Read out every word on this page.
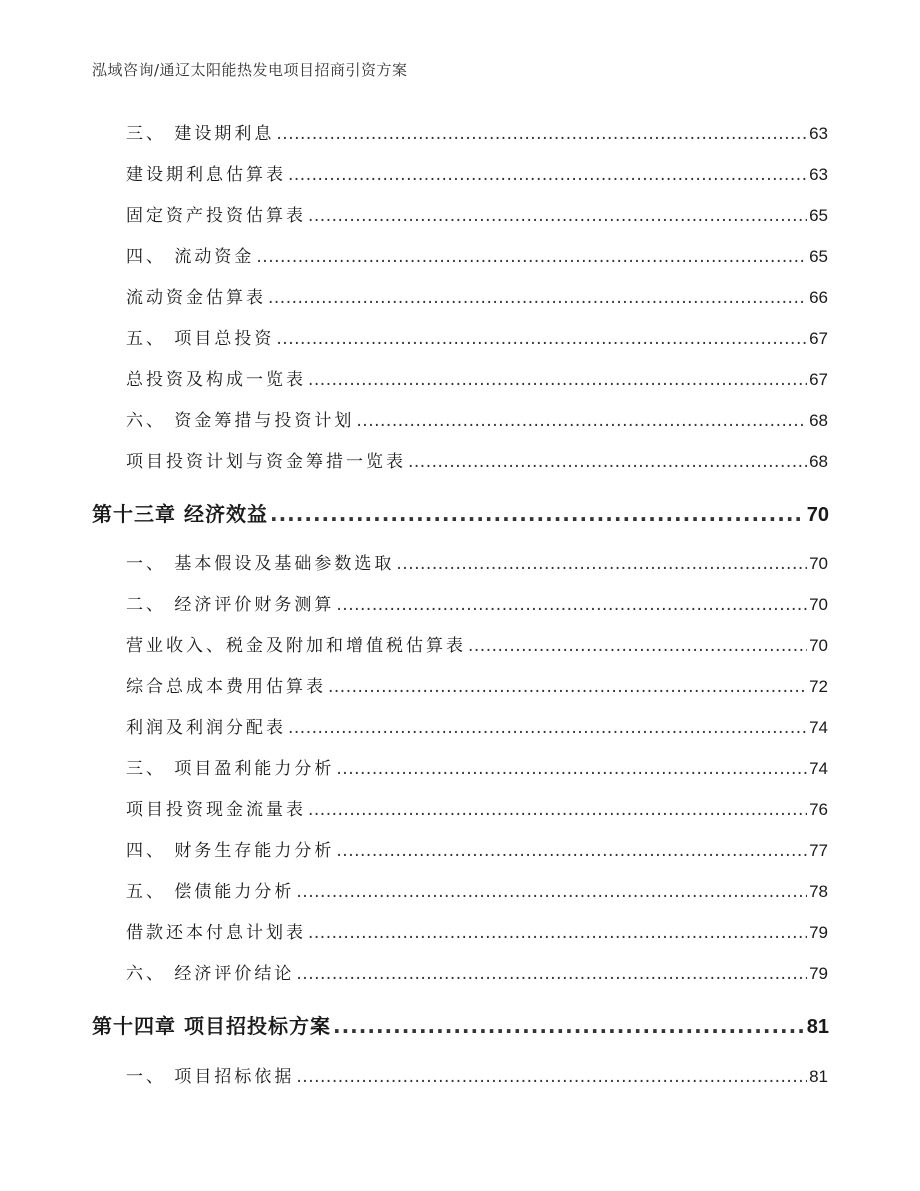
泓域咨询/通辽太阳能热发电项目招商引资方案
三、 建设期利息 .....	63
建设期利息估算表 .....	63
固定资产投资估算表 .....	65
四、 流动资金 .....	65
流动资金估算表 .....	66
五、 项目总投资 .....	67
总投资及构成一览表 .....	67
六、 资金筹措与投资计划 .....	68
项目投资计划与资金筹措一览表 .....	68
第十三章 经济效益 .....	70
一、 基本假设及基础参数选取 .....	70
二、 经济评价财务测算 .....	70
营业收入、税金及附加和增值税估算表 .....	70
综合总成本费用估算表 .....	72
利润及利润分配表 .....	74
三、 项目盈利能力分析 .....	74
项目投资现金流量表 .....	76
四、 财务生存能力分析 .....	77
五、 偿债能力分析 .....	78
借款还本付息计划表 .....	79
六、 经济评价结论 .....	79
第十四章 项目招投标方案 .....	81
一、 项目招标依据 .....	81
